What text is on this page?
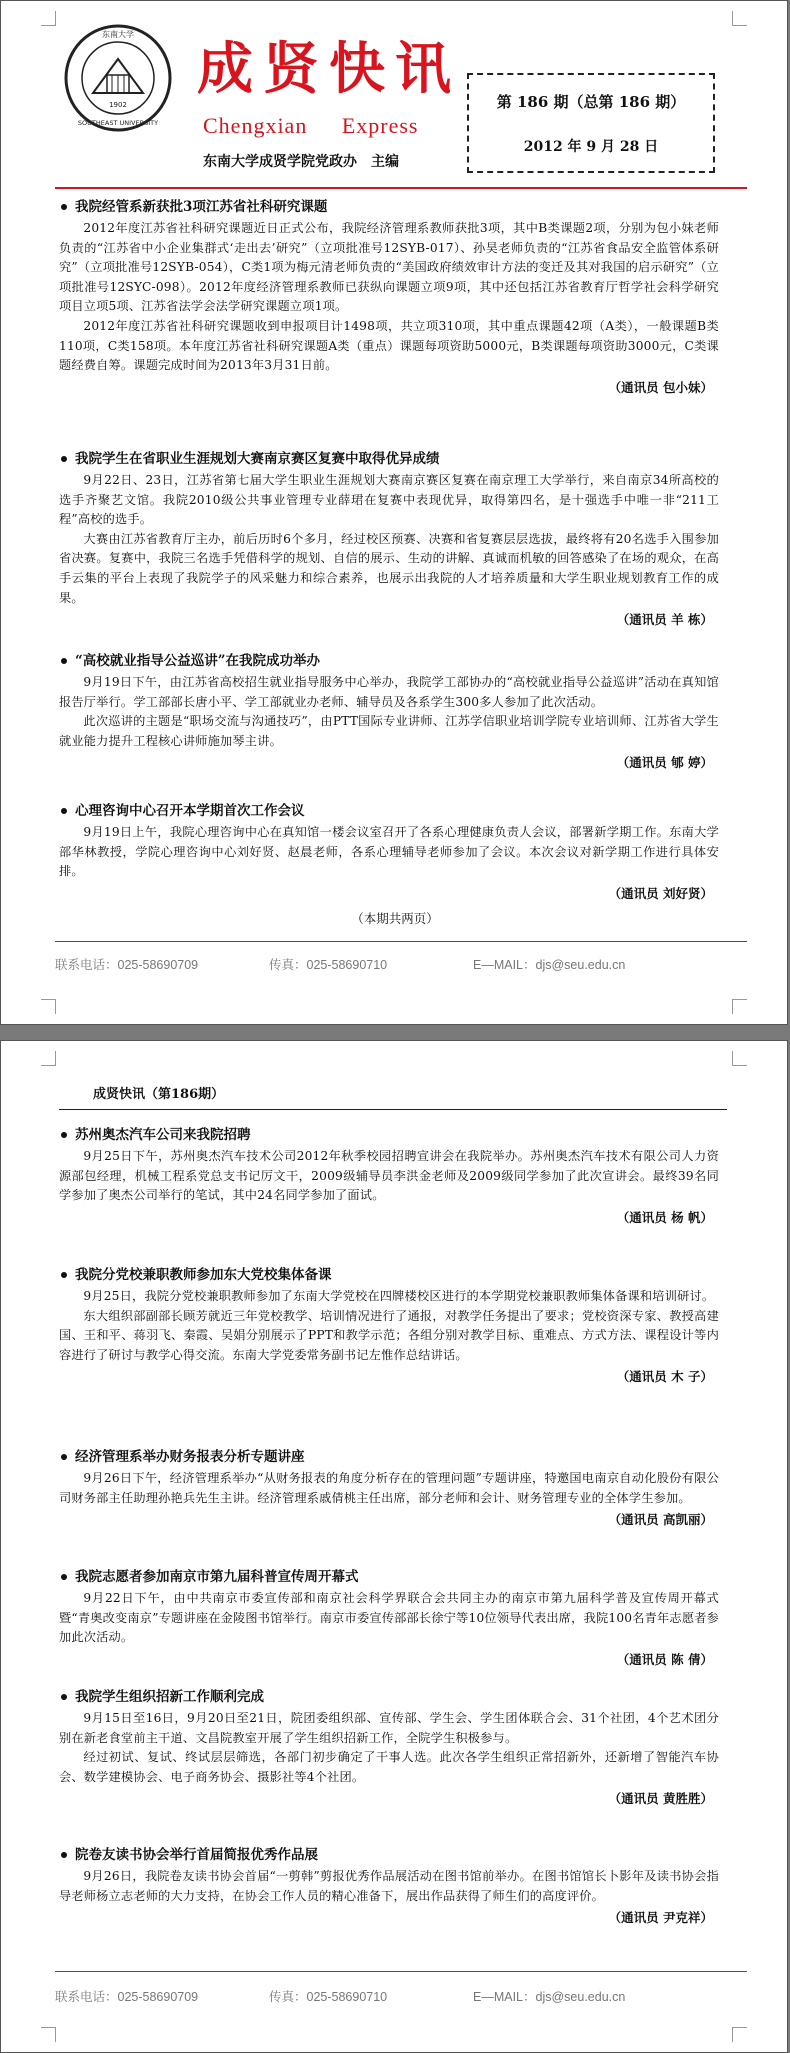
东南大学
SOUTHEAST UNIVERSITY
1902
成贤快讯
Chengxian Express
东南大学成贤学院党政办　主编
第 186 期（总第 186 期）
2012 年 9 月 28 日
我院经管系新获批3项江苏省社科研究课题

2012年度江苏省社科研究课题近日正式公布，我院经济管理系教师获批3项，其中B类课题2项，分别为包小妹老师负责的“江苏省中小企业集群式‘走出去’研究”（立项批准号12SYB-017）、孙昊老师负责的“江苏省食品安全监管体系研究”（立项批准号12SYB-054），C类1项为梅元清老师负责的“美国政府绩效审计方法的变迁及其对我国的启示研究”（立项批准号12SYC-098）。2012年度经济管理系教师已获纵向课题立项9项，其中还包括江苏省教育厅哲学社会科学研究项目立项5项、江苏省法学会法学研究课题立项1项。

2012年度江苏省社科研究课题收到申报项目计1498项，共立项310项，其中重点课题42项（A类），一般课题B类110项，C类158项。本年度江苏省社科研究课题A类（重点）课题每项资助5000元，B类课题每项资助3000元，C类课题经费自筹。课题完成时间为2013年3月31日前。

（通讯员 包小妹）
我院学生在省职业生涯规划大赛南京赛区复赛中取得优异成绩

9月22日、23日，江苏省第七届大学生职业生涯规划大赛南京赛区复赛在南京理工大学举行，来自南京34所高校的选手齐聚艺文馆。我院2010级公共事业管理专业薛珺在复赛中表现优异，取得第四名，是十强选手中唯一非“211工程”高校的选手。

大赛由江苏省教育厅主办，前后历时6个多月，经过校区预赛、决赛和省复赛层层选拔，最终将有20名选手入围参加省决赛。复赛中，我院三名选手凭借科学的规划、自信的展示、生动的讲解、真诚而机敏的回答感染了在场的观众，在高手云集的平台上表现了我院学子的风采魅力和综合素养，也展示出我院的人才培养质量和大学生职业规划教育工作的成果。

（通讯员 羊 栋）
“高校就业指导公益巡讲”在我院成功举办

9月19日下午，由江苏省高校招生就业指导服务中心举办，我院学工部协办的“高校就业指导公益巡讲”活动在真知馆报告厅举行。学工部部长唐小平、学工部就业办老师、辅导员及各系学生300多人参加了此次活动。

此次巡讲的主题是“职场交流与沟通技巧”，由PTT国际专业讲师、江苏学信职业培训学院专业培训师、江苏省大学生就业能力提升工程核心讲师施加琴主讲。

（通讯员 郇 婷）
心理咨询中心召开本学期首次工作会议

9月19日上午，我院心理咨询中心在真知馆一楼会议室召开了各系心理健康负责人会议，部署新学期工作。东南大学部华林教授，学院心理咨询中心刘好贤、赵晨老师，各系心理辅导老师参加了会议。本次会议对新学期工作进行具体安排。

（通讯员 刘好贤）
（本期共两页）
联系电话：025-58690709	传真：025-58690710	E—MAIL：djs@seu.edu.cn
成贤快讯（第186期）
苏州奥杰汽车公司来我院招聘

9月25日下午，苏州奥杰汽车技术公司2012年秋季校园招聘宣讲会在我院举办。苏州奥杰汽车技术有限公司人力资源部包经理，机械工程系党总支书记厉文干，2009级辅导员李洪金老师及2009级同学参加了此次宣讲会。最终39名同学参加了奥杰公司举行的笔试，其中24名同学参加了面试。

（通讯员 杨 帆）
我院分党校兼职教师参加东大党校集体备课

9月25日，我院分党校兼职教师参加了东南大学党校在四牌楼校区进行的本学期党校兼职教师集体备课和培训研讨。

东大组织部副部长顾芳就近三年党校教学、培训情况进行了通报，对教学任务提出了要求；党校资深专家、教授高建国、王和平、蒋羽飞、秦霞、吴娟分别展示了PPT和教学示范；各组分别对教学目标、重难点、方式方法、课程设计等内容进行了研讨与教学心得交流。东南大学党委常务副书记左惟作总结讲话。

（通讯员 木 子）
经济管理系举办财务报表分析专题讲座

9月26日下午，经济管理系举办“从财务报表的角度分析存在的管理问题”专题讲座，特邀国电南京自动化股份有限公司财务部主任助理孙艳兵先生主讲。经济管理系戚倩桃主任出席，部分老师和会计、财务管理专业的全体学生参加。

（通讯员 高凯丽）
我院志愿者参加南京市第九届科普宣传周开幕式

9月22日下午，由中共南京市委宣传部和南京社会科学界联合会共同主办的南京市第九届科学普及宣传周开幕式暨“青奥改变南京”专题讲座在金陵图书馆举行。南京市委宣传部部长徐宁等10位领导代表出席，我院100名青年志愿者参加此次活动。

（通讯员 陈 倩）
我院学生组织招新工作顺利完成

9月15日至16日，9月20日至21日，院团委组织部、宣传部、学生会、学生团体联合会、31个社团，4个艺术团分别在新老食堂前主干道、文昌院教室开展了学生组织招新工作，全院学生积极参与。

经过初试、复试、终试层层筛选，各部门初步确定了干事人选。此次各学生组织正常招新外，还新增了智能汽车协会、数学建模协会、电子商务协会、摄影社等4个社团。

（通讯员 黄胜胜）
院卷友读书协会举行首届简报优秀作品展

9月26日，我院卷友读书协会首届“一剪韩”剪报优秀作品展活动在图书馆前举办。在图书馆馆长卜影年及读书协会指导老师杨立志老师的大力支持，在协会工作人员的精心准备下，展出作品获得了师生们的高度评价。

（通讯员 尹克祥）
联系电话：025-58690709	传真：025-58690710	E—MAIL：djs@seu.edu.cn
